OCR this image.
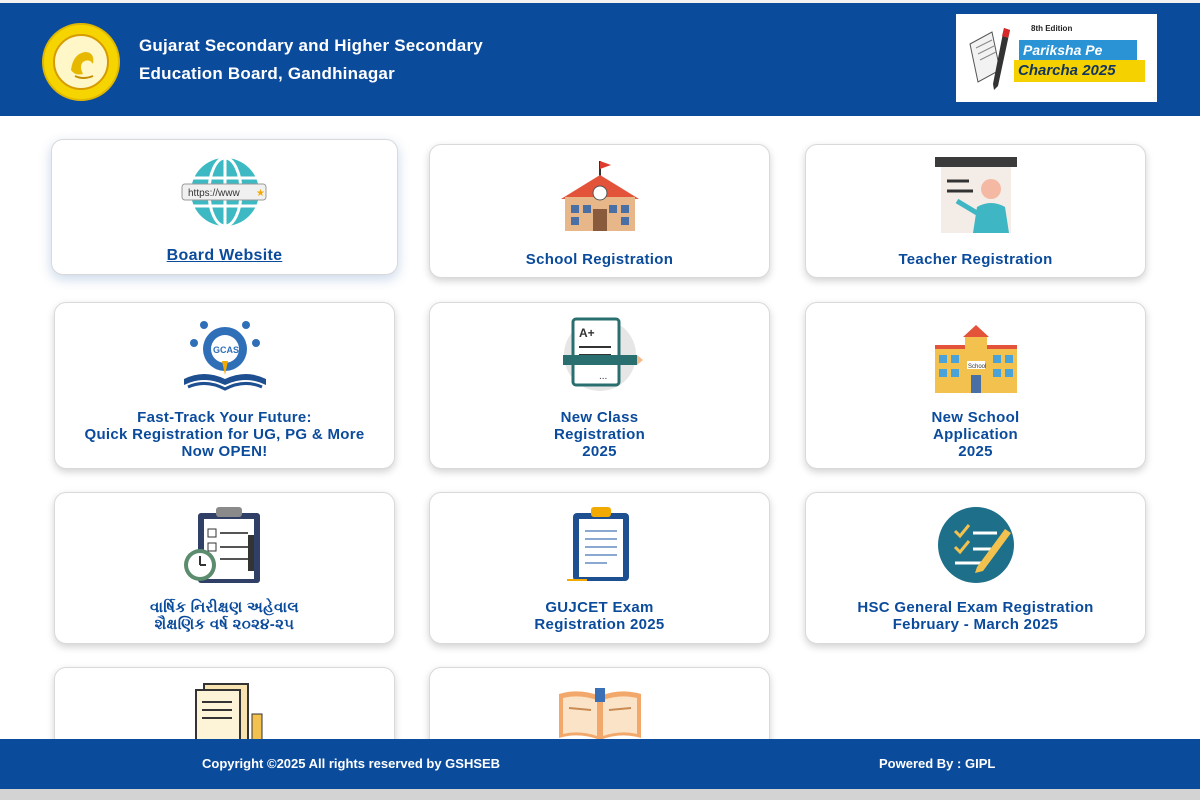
Gujarat Secondary and Higher Secondary
Education Board, Gandhinagar
8th Edition
Pariksha Pe
Charcha 2025
https://www ★
Board Website	School Registration	Teacher Registration
GCAS
Fast-Track Your Future:
Quick Registration for UG, PG & More
Now OPEN!
A+
...
New Class
Registration
2025
School
New School
Application
2025
વાર્ષિક નિરીક્ષણ અહેવાલ
શૈક્ષણિક વર્ષ ૨૦૨૪-૨૫
GUJCET Exam
Registration 2025
HSC General Exam Registration
February - March 2025
Copyright ©2025 All rights reserved by GSHSEB	Powered By : GIPL
